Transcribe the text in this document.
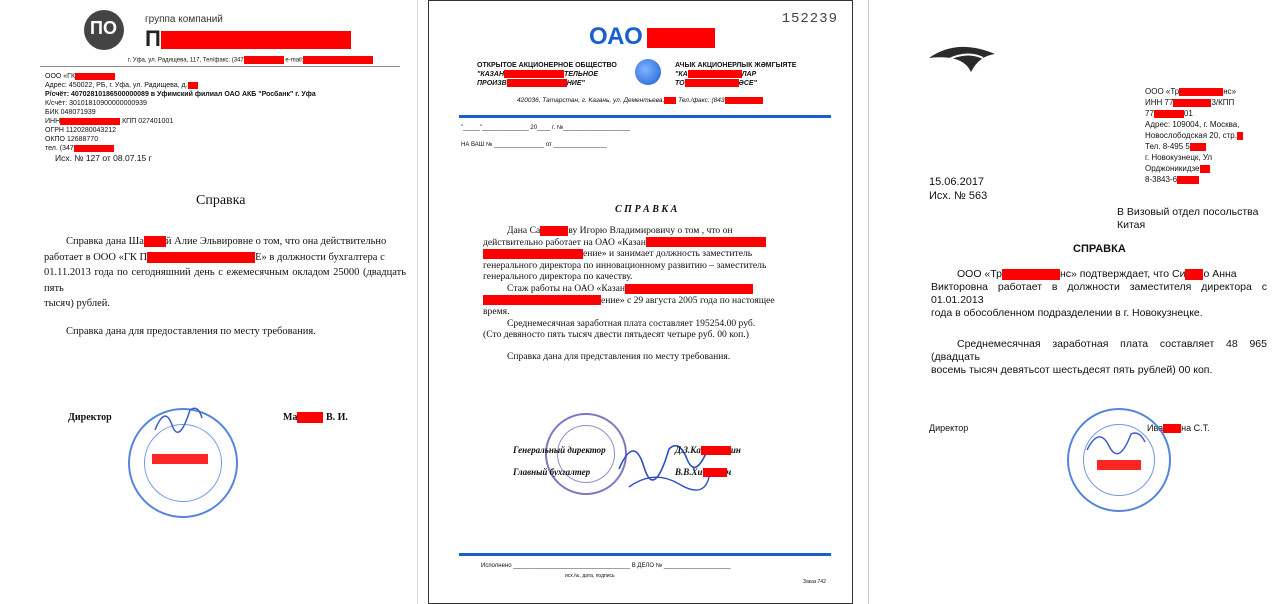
ПО	группа компаний
П
г. Уфа, ул. Радищева, 117, Тел/факс: (347	e-mail:
ООО «ГК
Адрес: 450022, РБ, г. Уфа, ул. Радищева, д.
Р/счёт: 40702810186500000089 в Уфимский филиал ОАО АКБ "Росбанк" г. Уфа
К/счёт: 30101810900000000939
БИК 048071939
ИНН	КПП 027401001
ОГРН 1120280043212
ОКПО 12688770
тел. (347
Исх. № 127 от 08.07.15 г
Справка
Справка дана Ша й Алие Эльвировне о том, что она действительно
работает в ООО «ГК П	Е» в должности бухгалтера с
01.11.2013 года по сегодняшний день с ежемесячным окладом 25000 (двадцать пять
тысяч) рублей.
Справка дана для предоставления по месту требования.
Директор	Ма	В. И.
152239
ОАО
ОТКРЫТОЕ АКЦИОНЕРНОЕ ОБЩЕСТВО
"КАЗАН	ТЕЛЬНОЕ
ПРОИЗВ	НИЕ"
АЧЫК АКЦИОНЕРЛЫК ЖӘМГЫЯТЕ
"КА	ЛАР
ТО	ӘСЕ"
420036, Татарстан, г. Казань, ул. Дементьева, Тел./факс: (843
"_____"______________ 20____ г. №____________________
НА ВАШ № _______________ от ________________
С П Р А В К А
Дана Са	ву Игорю Владимировичу о том , что он
действительно работает на ОАО «Казан
ение» и занимает должность заместитель
генерального директора по инновационному развитию – заместитель
генерального директора по качеству.
Стаж работы на ОАО «Казан
ение» с 29 августа 2005 года по настоящее
время.
Среднемесячная заработная плата составляет 195254.00 руб.
(Сто девяносто пять тысяч двести пятьдесят четыре руб. 00 коп.)
Справка дана для представления по месту требования.
Генеральный директор	Д.З.Ка	ин
Главный бухгалтер	В.В.Хи	ч
Исполнено ___________________________________ В ДЕЛО № ____________________
исх.№, дата, подпись
Заказ 742
ООО «Тр	нс»
ИНН 77	3/КПП
77	01
Адрес: 109004, г. Москва,
Новослободская 20, стр.
Тел. 8-495 5
г. Новокузнецк, Ул
Орджоникидзе
8-3843-6
15.06.2017
Исх. № 563
В Визовый отдел посольства
Китая
СПРАВКА
ООО «Тр	нс» подтверждает, что Си о Анна
Викторовна работает в должности заместителя директора с 01.01.2013
года в обособленном подразделении в г. Новокузнецке.
Среднемесячная заработная плата составляет 48 965 (двадцать
восемь тысяч девятьсот шестьдесят пять рублей) 00 коп.
Директор	Ива на С.Т.
